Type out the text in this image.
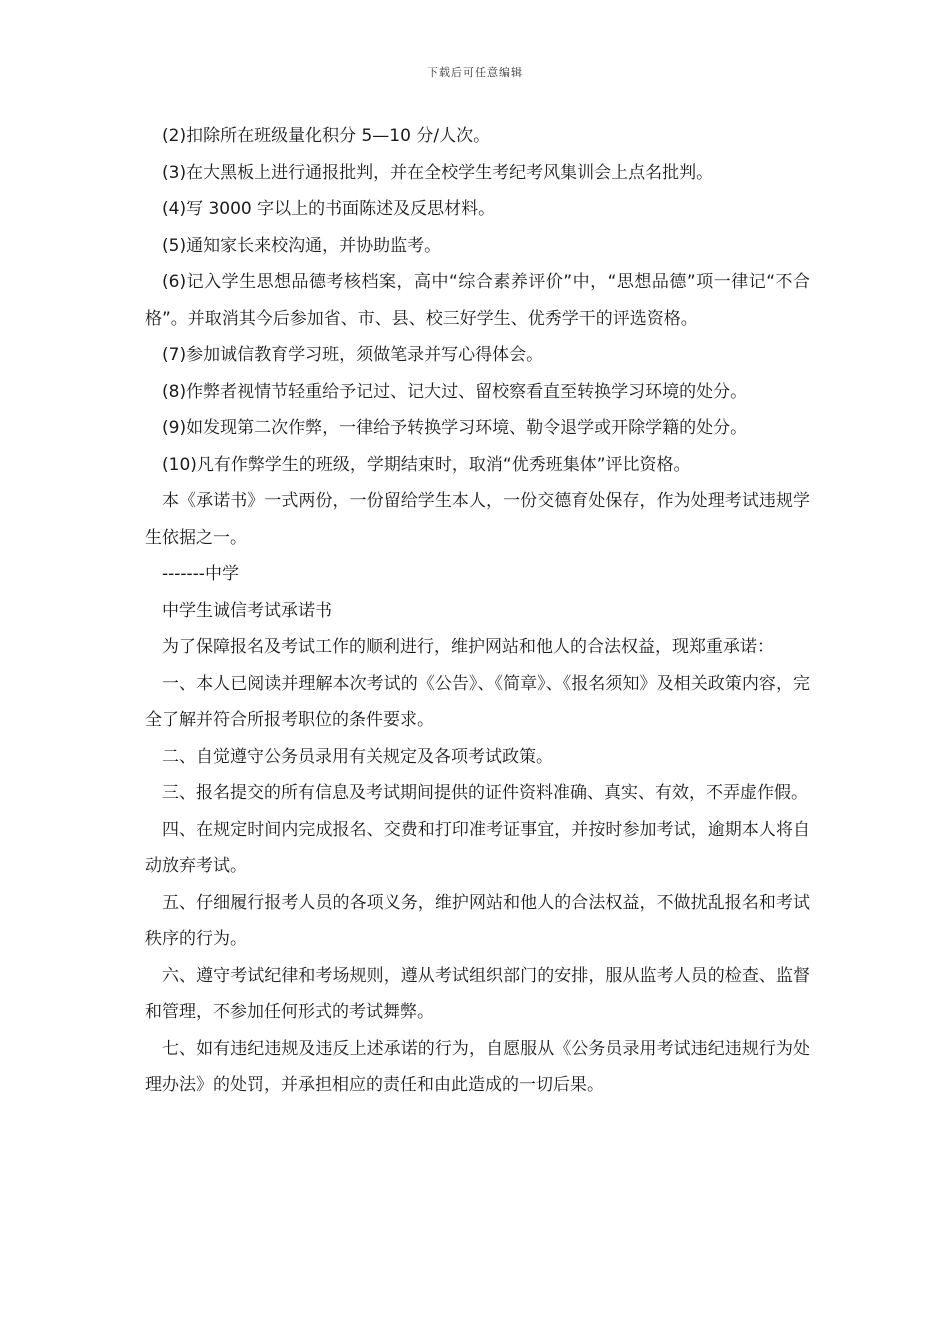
下载后可任意编辑

(2)扣除所在班级量化积分 5—10 分/人次。

(3)在大黑板上进行通报批判，并在全校学生考纪考风集训会上点名批判。

(4)写 3000 字以上的书面陈述及反思材料。

(5)通知家长来校沟通，并协助监考。

(6)记入学生思想品德考核档案，高中“综合素养评价”中，“思想品德”项一律记“不合格”。并取消其今后参加省、市、县、校三好学生、优秀学干的评选资格。

(7)参加诚信教育学习班，须做笔录并写心得体会。

(8)作弊者视情节轻重给予记过、记大过、留校察看直至转换学习环境的处分。

(9)如发现第二次作弊，一律给予转换学习环境、勒令退学或开除学籍的处分。

(10)凡有作弊学生的班级，学期结束时，取消“优秀班集体”评比资格。

本《承诺书》一式两份，一份留给学生本人，一份交德育处保存，作为处理考试违规学生依据之一。

-------中学

中学生诚信考试承诺书

为了保障报名及考试工作的顺利进行，维护网站和他人的合法权益，现郑重承诺：

一、本人已阅读并理解本次考试的《公告》、《简章》、《报名须知》及相关政策内容，完全了解并符合所报考职位的条件要求。

二、自觉遵守公务员录用有关规定及各项考试政策。

三、报名提交的所有信息及考试期间提供的证件资料准确、真实、有效，不弄虚作假。

四、在规定时间内完成报名、交费和打印准考证事宜，并按时参加考试，逾期本人将自动放弃考试。

五、仔细履行报考人员的各项义务，维护网站和他人的合法权益，不做扰乱报名和考试秩序的行为。

六、遵守考试纪律和考场规则，遵从考试组织部门的安排，服从监考人员的检查、监督和管理，不参加任何形式的考试舞弊。

七、如有违纪违规及违反上述承诺的行为，自愿服从《公务员录用考试违纪违规行为处理办法》的处罚，并承担相应的责任和由此造成的一切后果。
